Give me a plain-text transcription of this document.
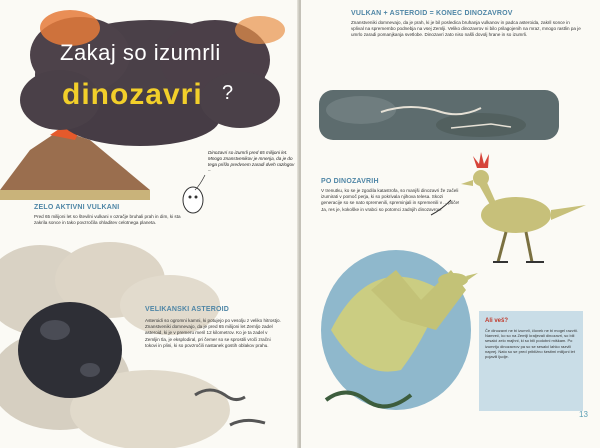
Zakaj so izumrli
dinozavri ?
Dinozavri so izumrli pred 65 milijoni let. Mnogo znanstvenikov je mnenja, da je do tega prišlo predvsem zaradi dveh razlogov –
ZELO AKTIVNI VULKANI
Pred 65 milijoni let so številni vulkani v ozračje bruhali prah in dim, ki sta zakrila sonce in tako povzročila ohladitev celotnega planeta.
VELIKANSKI ASTEROID
Asteroidi so ogromni kamni, ki potujejo po vesolju z veliko hitrostjo. Znanstveniki domnevajo, da je pred 65 milijoni let Zemljo zadel asteroid, ki je v premeru meril 12 kilometrov. Ko je ta zadel v Zemljin tla, je eksplodiral, pri čemer so se sprostili vroči zračni tokovi in plini, ki so povzročili nastanek gostih oblakov prahu.
VULKAN + ASTEROID = KONEC DINOZAVROV
Znanstveniki domnevajo, da je prah, ki je bil posledica bruhanja vulkanov in padca asteroida, zakril sonce in vplival na spremembo podnebja na vsej Zemlji. Veliko dinozavrov ni bilo prilagojenih na mraz, mnogo rastlin pa je umrlo zaradi pomanjkanja svetlobe. Dinozavri zato niso našli dovolj hrane in so izumrli.
PO DINOZAVRIH
V trenutku, ko se je zgodila katastrofa, so manjši dinozavri že začeli izumirati v pomoč perja, ki so pokrivala njihova telesa. Skozi generacije so se nato spremenili, spreminjali in spremenili v ... ptiče! Ja, res je, kokoške in vrabci so potomci zadnjih dinozavrov!
Ali veš?
Če dinozavri ne bi izumrli, človek ne bi mogel razviti. Namreč, ko so na Zemlji kraljevali dinozavri, so bili sesalci zelo majhni, ki so bili podobni miškam. Po izumrtju dinozavrov pa so se sesalci lahko razvili naprej. Nato so se pred približno šestimi milijoni let pojavili ljudje.
13
